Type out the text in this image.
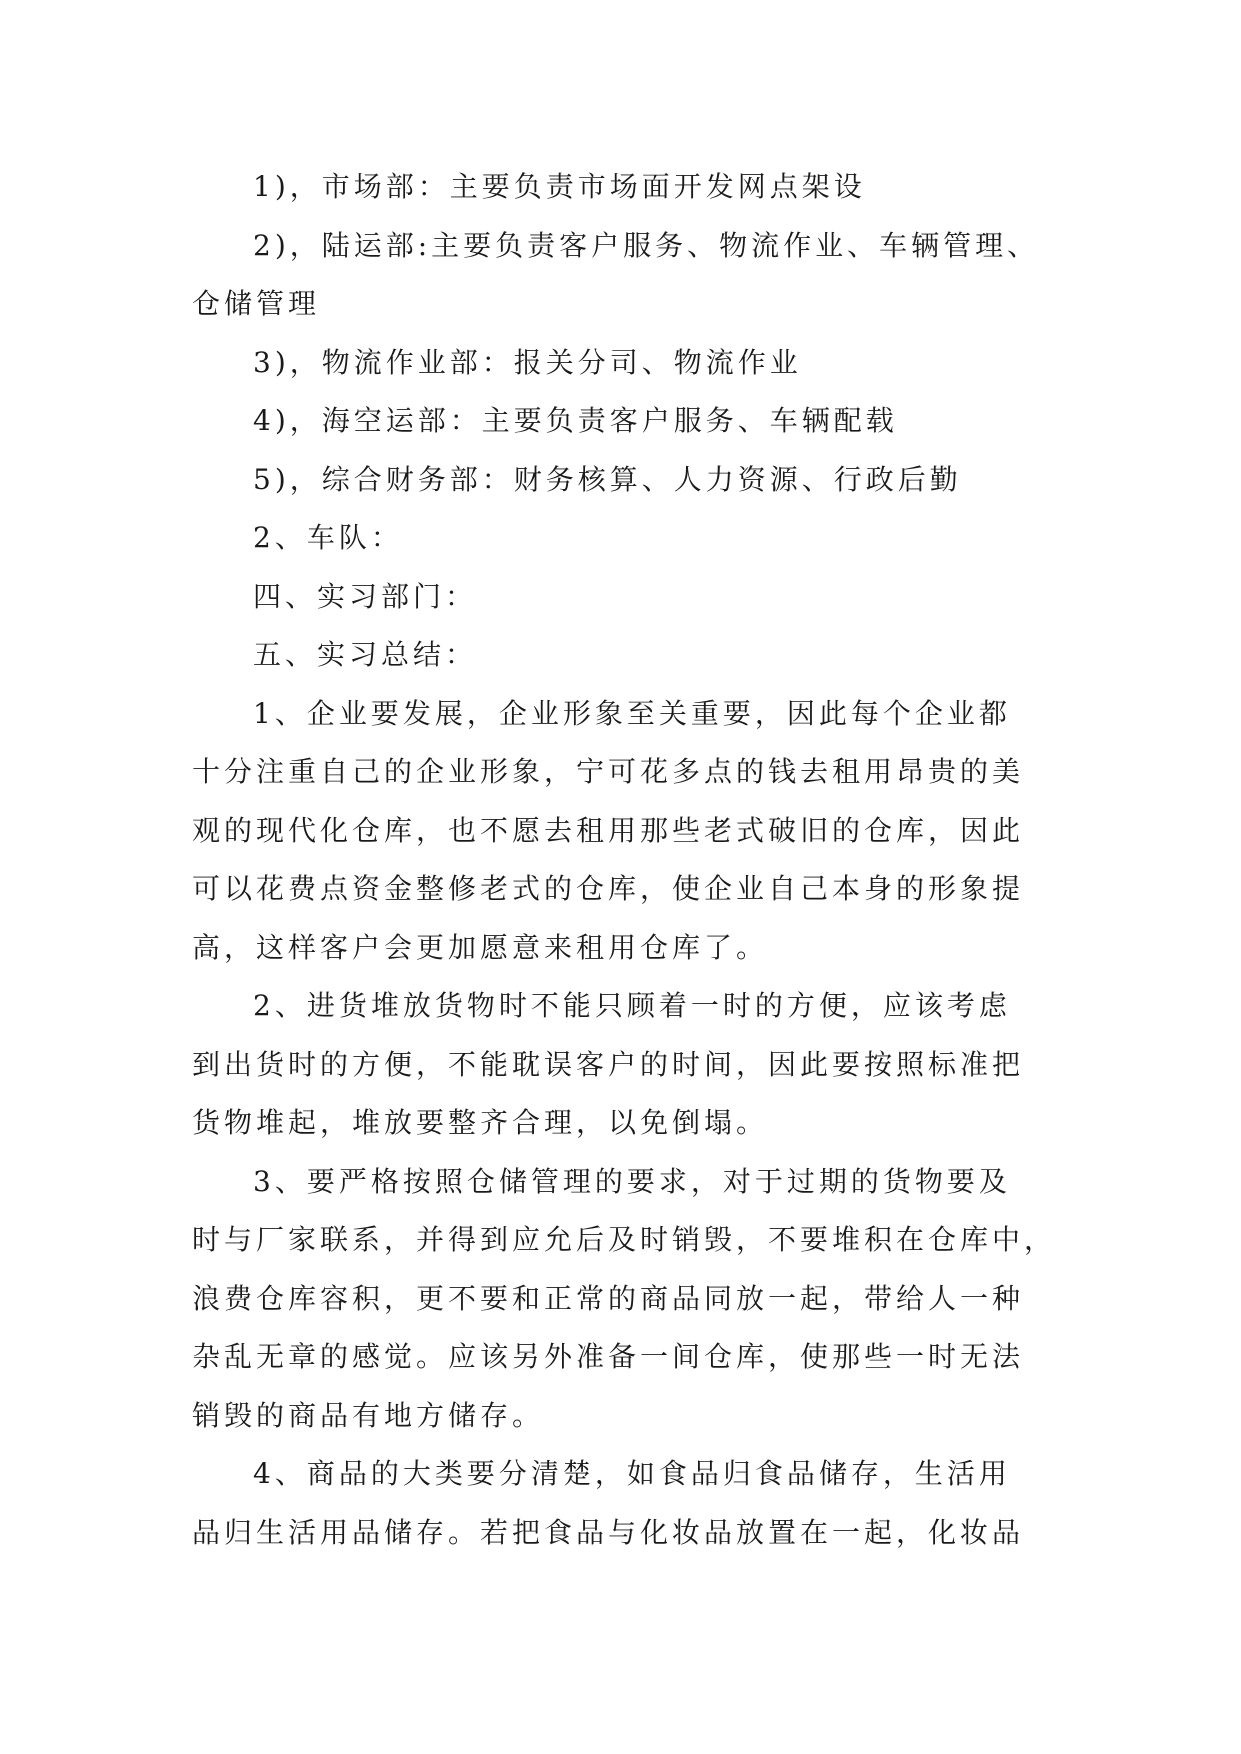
1)，市场部：主要负责市场面开发网点架设
2)，陆运部:主要负责客户服务、物流作业、车辆管理、
仓储管理
3)，物流作业部：报关分司、物流作业
4)，海空运部：主要负责客户服务、车辆配载
5)，综合财务部：财务核算、人力资源、行政后勤
2、车队：
四、实习部门：
五、实习总结：
1、企业要发展，企业形象至关重要，因此每个企业都
十分注重自己的企业形象，宁可花多点的钱去租用昂贵的美
观的现代化仓库，也不愿去租用那些老式破旧的仓库，因此
可以花费点资金整修老式的仓库，使企业自己本身的形象提
高，这样客户会更加愿意来租用仓库了。
2、进货堆放货物时不能只顾着一时的方便，应该考虑
到出货时的方便，不能耽误客户的时间，因此要按照标准把
货物堆起，堆放要整齐合理，以免倒塌。
3、要严格按照仓储管理的要求，对于过期的货物要及
时与厂家联系，并得到应允后及时销毁，不要堆积在仓库中，
浪费仓库容积，更不要和正常的商品同放一起，带给人一种
杂乱无章的感觉。应该另外准备一间仓库，使那些一时无法
销毁的商品有地方储存。
4、商品的大类要分清楚，如食品归食品储存，生活用
品归生活用品储存。若把食品与化妆品放置在一起，化妆品
